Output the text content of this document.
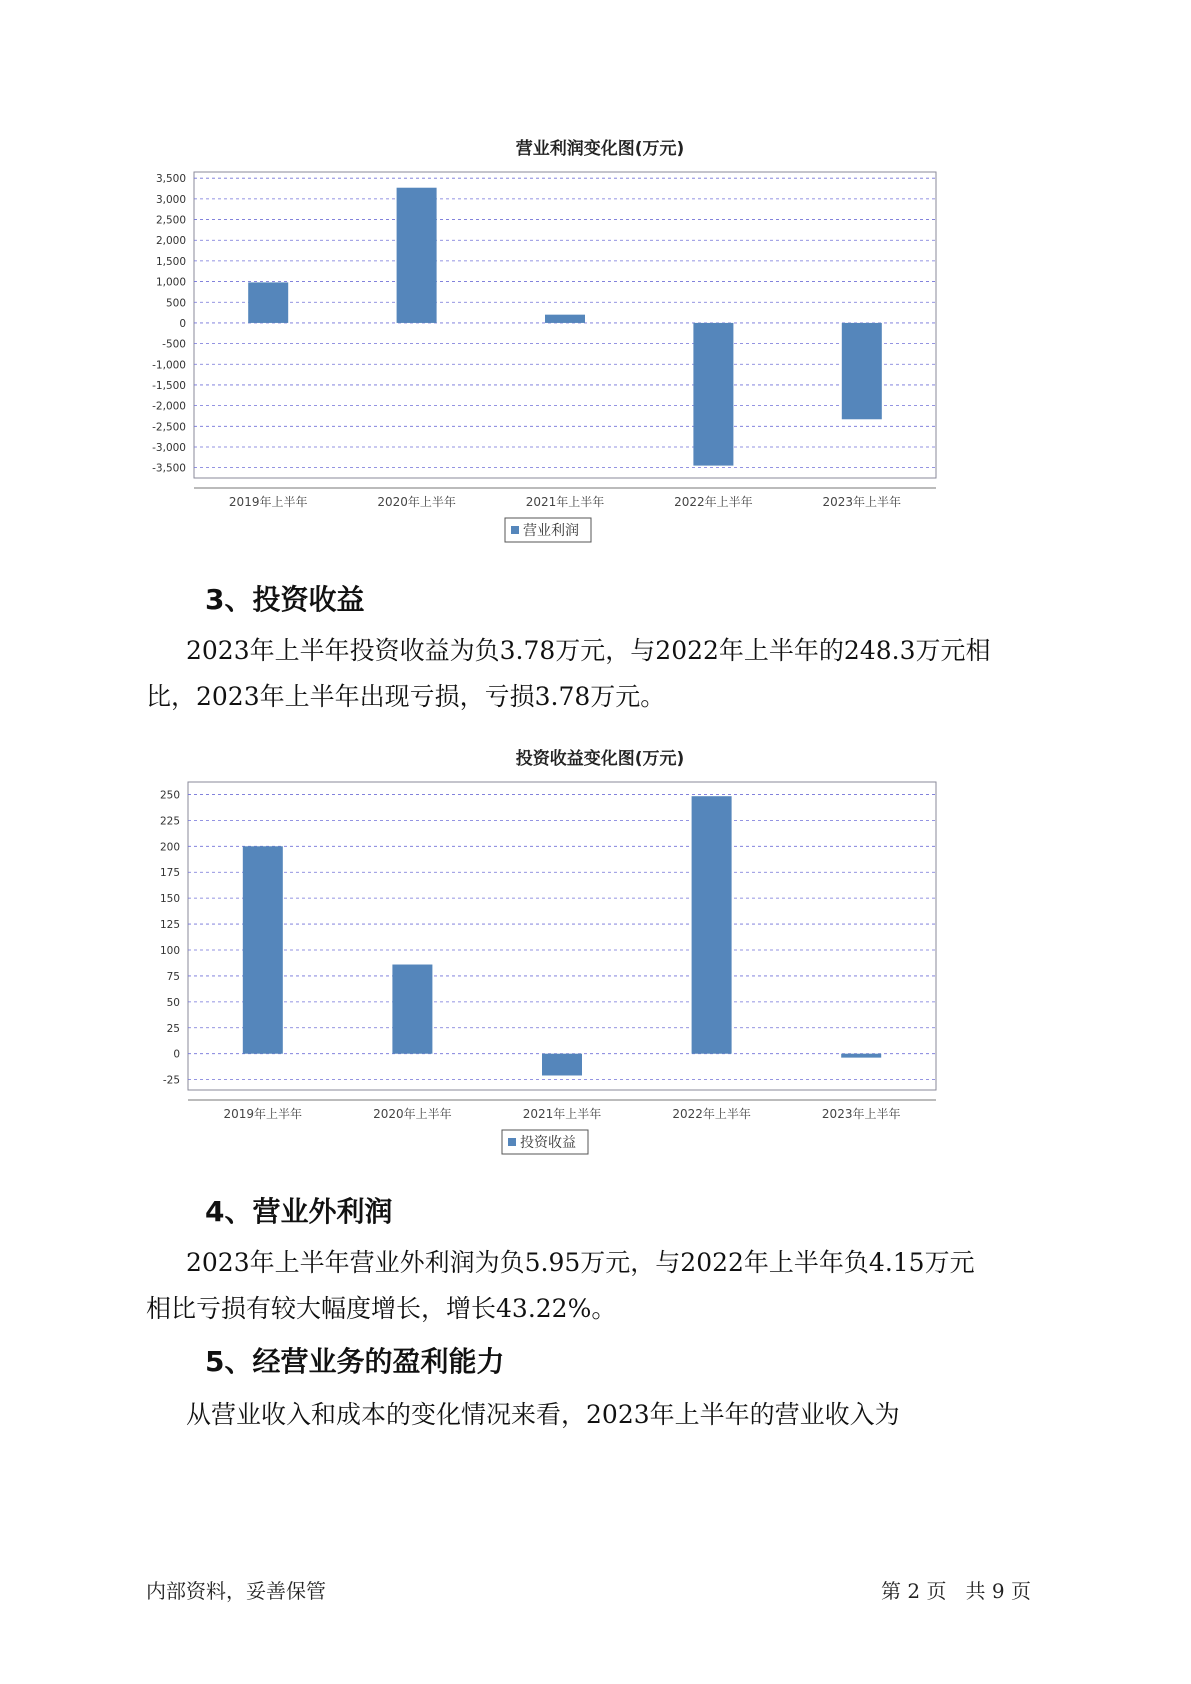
营业利润变化图(万元)
3,500
3,000
2,500
2,000
1,500
1,000
500
0
-500
-1,000
-1,500
-2,000
-2,500
-3,000
-3,500
2019年上半年	2020年上半年	2021年上半年	2022年上半年	2023年上半年
营业利润
3、投资收益
2023年上半年投资收益为负3.78万元，与2022年上半年的248.3万元相
比，2023年上半年出现亏损，亏损3.78万元。
投资收益变化图(万元)
250
225
200
175
150
125
100
75
50
25
0
-25
2019年上半年	2020年上半年	2021年上半年	2022年上半年	2023年上半年
投资收益
4、营业外利润
2023年上半年营业外利润为负5.95万元，与2022年上半年负4.15万元
相比亏损有较大幅度增长，增长43.22%。
5、经营业务的盈利能力
从营业收入和成本的变化情况来看，2023年上半年的营业收入为
内部资料，妥善保管	第 2 页   共 9 页
